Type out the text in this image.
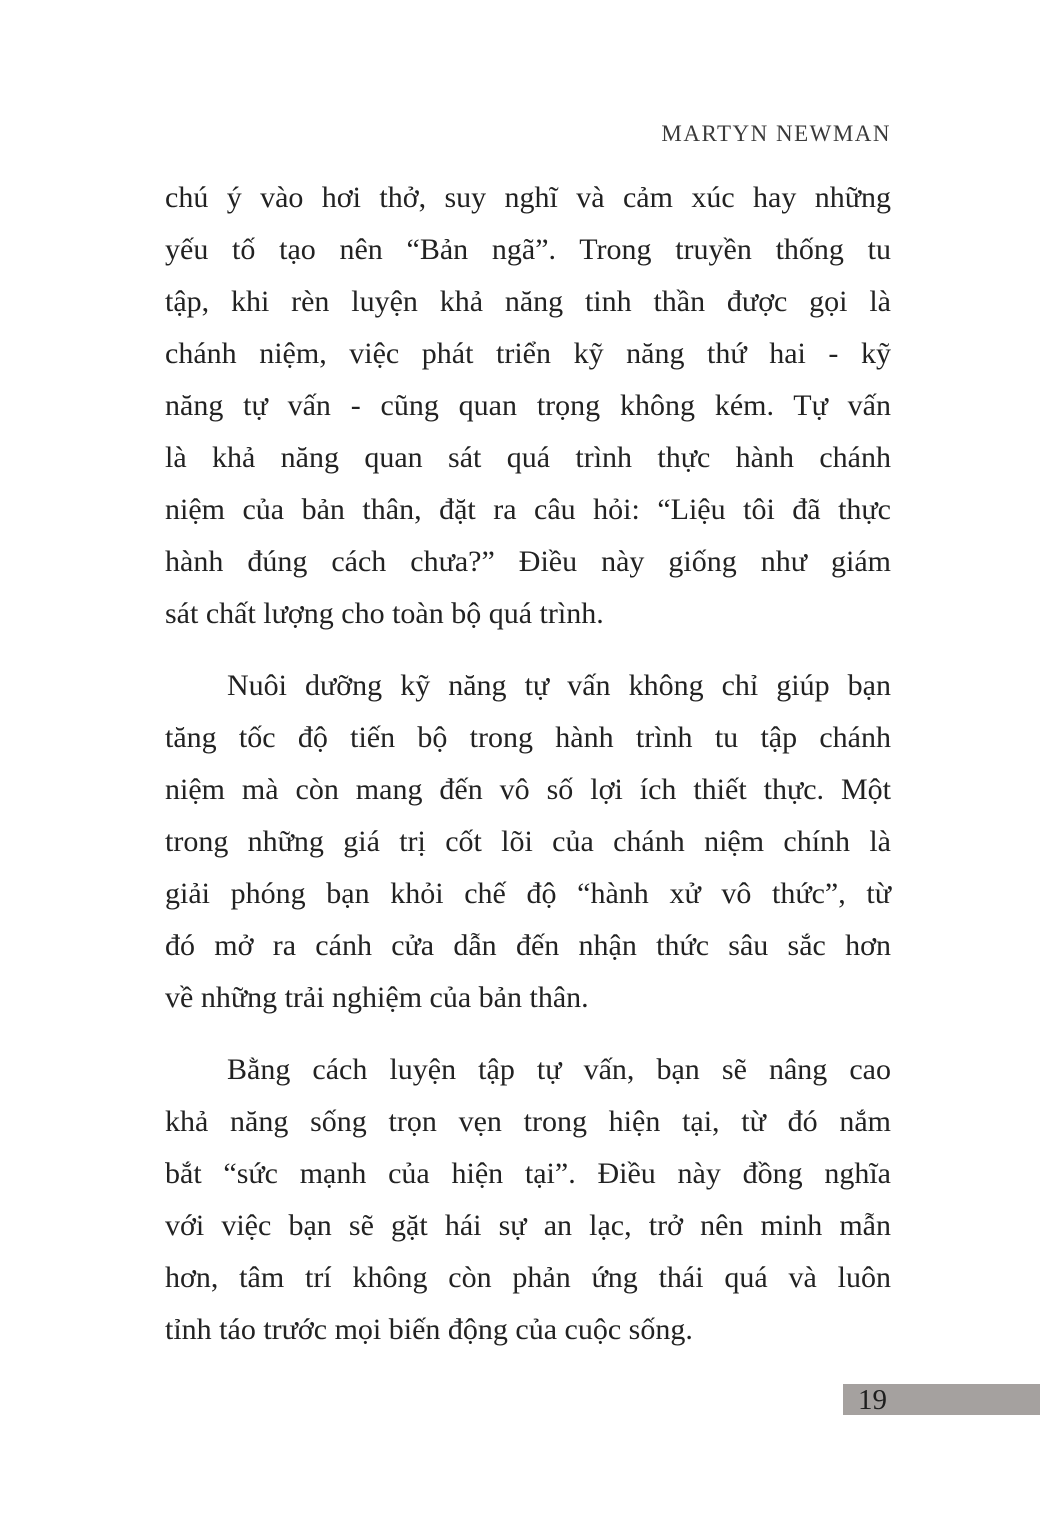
MARTYN NEWMAN
chú ý vào hơi thở, suy nghĩ và cảm xúc hay những
yếu tố tạo nên “Bản ngã”. Trong truyền thống tu
tập, khi rèn luyện khả năng tinh thần được gọi là
chánh niệm, việc phát triển kỹ năng thứ hai - kỹ
năng tự vấn - cũng quan trọng không kém. Tự vấn
là khả năng quan sát quá trình thực hành chánh
niệm của bản thân, đặt ra câu hỏi: “Liệu tôi đã thực
hành đúng cách chưa?” Điều này giống như giám
sát chất lượng cho toàn bộ quá trình.
Nuôi dưỡng kỹ năng tự vấn không chỉ giúp bạn
tăng tốc độ tiến bộ trong hành trình tu tập chánh
niệm mà còn mang đến vô số lợi ích thiết thực. Một
trong những giá trị cốt lõi của chánh niệm chính là
giải phóng bạn khỏi chế độ “hành xử vô thức”, từ
đó mở ra cánh cửa dẫn đến nhận thức sâu sắc hơn
về những trải nghiệm của bản thân.
Bằng cách luyện tập tự vấn, bạn sẽ nâng cao
khả năng sống trọn vẹn trong hiện tại, từ đó nắm
bắt “sức mạnh của hiện tại”. Điều này đồng nghĩa
với việc bạn sẽ gặt hái sự an lạc, trở nên minh mẫn
hơn, tâm trí không còn phản ứng thái quá và luôn
tỉnh táo trước mọi biến động của cuộc sống.
19
